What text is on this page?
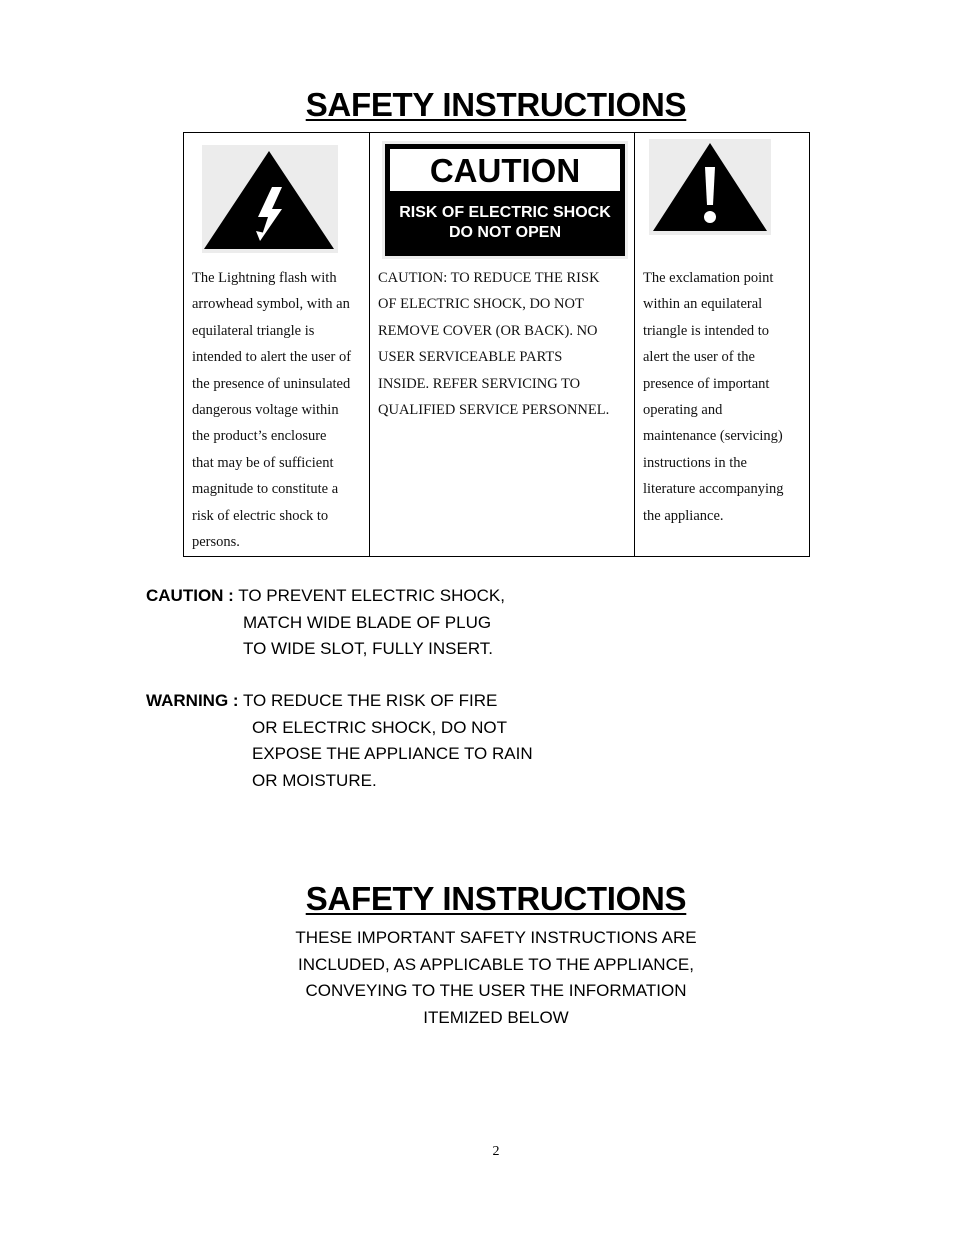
SAFETY INSTRUCTIONS
The Lightning flash with
arrowhead symbol, with an
equilateral triangle is
intended to alert the user of
the presence of uninsulated
dangerous voltage within
the product’s enclosure
that may be of sufficient
magnitude to constitute a
risk of electric shock to
persons.

CAUTION
RISK OF ELECTRIC SHOCK
DO NOT OPEN
CAUTION: TO REDUCE THE RISK
OF ELECTRIC SHOCK, DO NOT
REMOVE COVER (OR BACK). NO
USER SERVICEABLE PARTS
INSIDE. REFER SERVICING TO
QUALIFIED SERVICE PERSONNEL.

The exclamation point
within an equilateral
triangle is intended to
alert the user of the
presence of important
operating and
maintenance (servicing)
instructions in the
literature accompanying
the appliance.
CAUTION : TO PREVENT ELECTRIC SHOCK,
MATCH WIDE BLADE OF PLUG
TO WIDE SLOT, FULLY INSERT.
WARNING : TO REDUCE THE RISK OF FIRE
OR ELECTRIC SHOCK, DO NOT
EXPOSE THE APPLIANCE TO RAIN
OR MOISTURE.
SAFETY INSTRUCTIONS
THESE IMPORTANT SAFETY INSTRUCTIONS ARE
INCLUDED, AS APPLICABLE TO THE APPLIANCE,
CONVEYING TO THE USER THE INFORMATION
ITEMIZED BELOW
2
